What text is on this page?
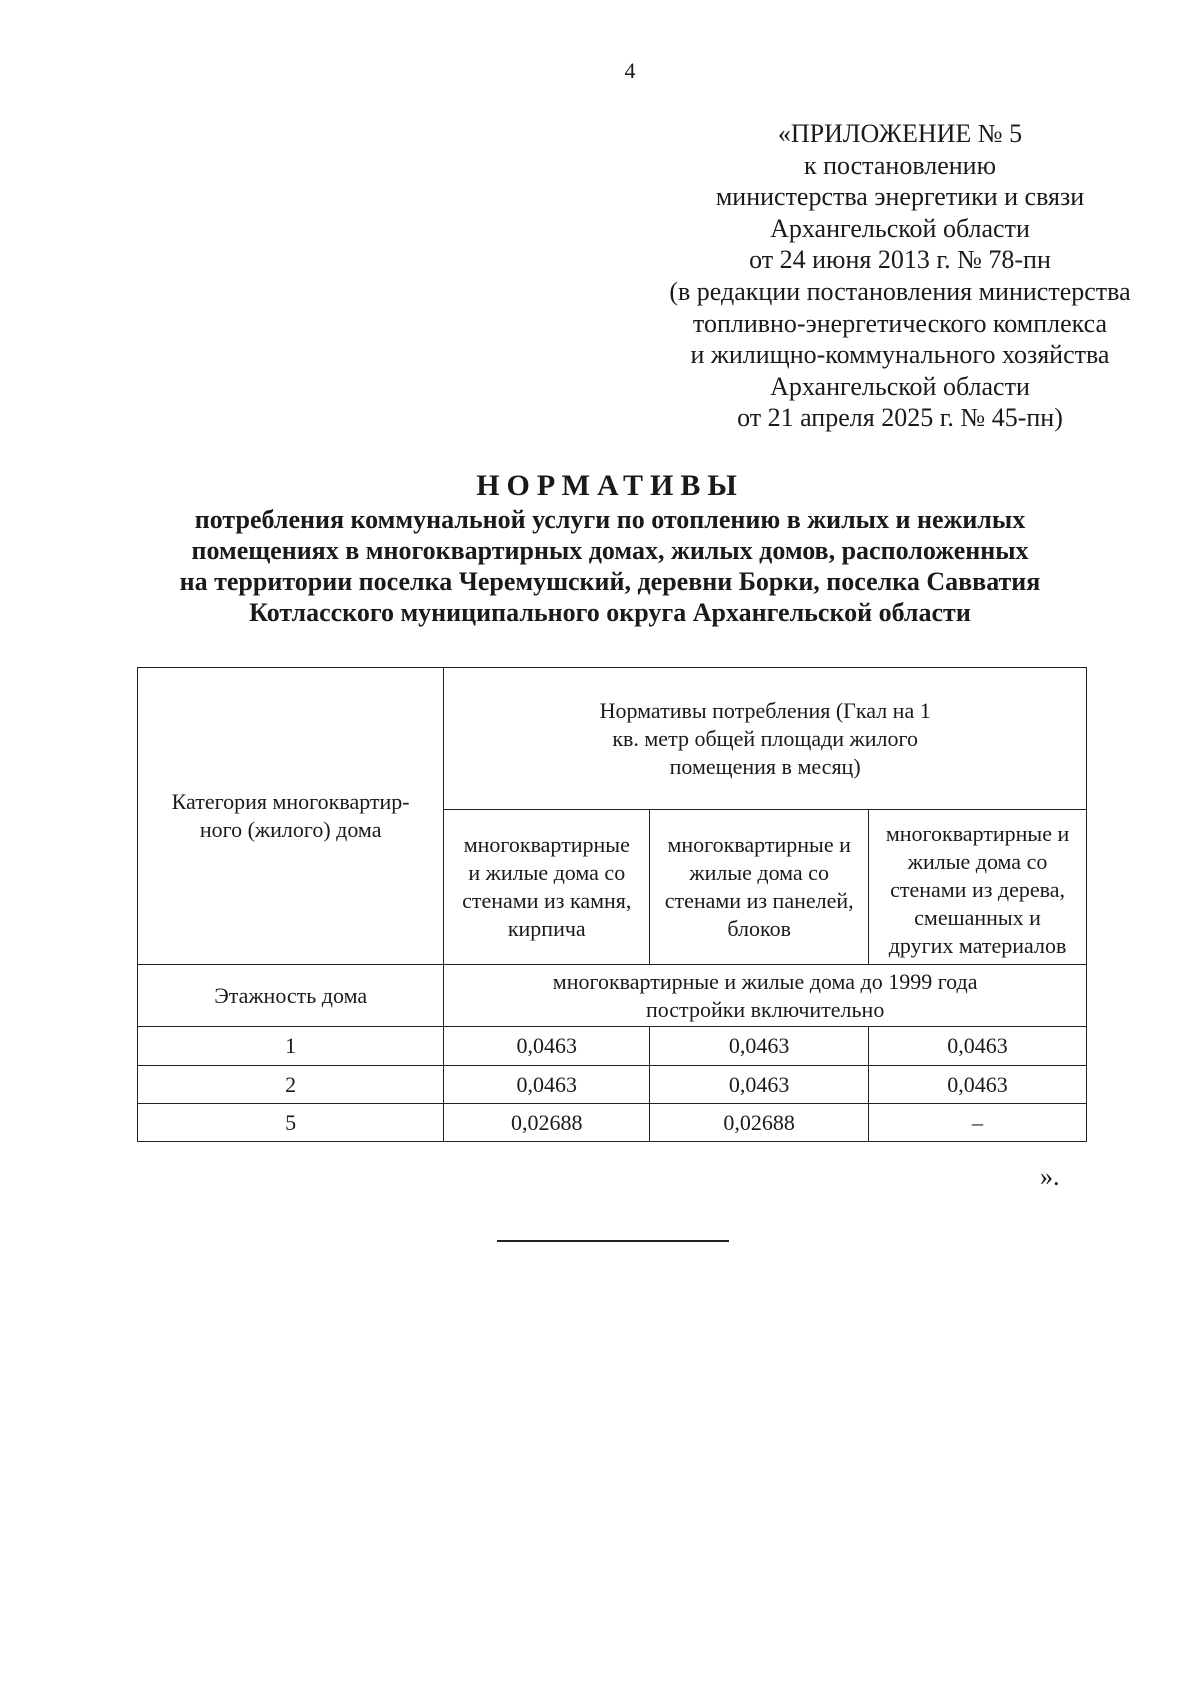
4
«ПРИЛОЖЕНИЕ № 5
к постановлению
министерства энергетики и связи
Архангельской области
от 24 июня 2013 г. № 78-пн
(в редакции постановления министерства
топливно-энергетического комплекса
и жилищно-коммунального хозяйства
Архангельской области
от 21 апреля 2025 г. № 45-пн)
НОРМАТИВЫ
потребления коммунальной услуги по отоплению в жилых и нежилых
помещениях в многоквартирных домах, жилых домов, расположенных
на территории поселка Черемушский, деревни Борки, поселка Савватия
Котласского муниципального округа Архангельской области
Категория многоквартир-ного (жилого) дома	Нормативы потребления (Гкал на 1 кв. метр общей площади жилого помещения в месяц)		
	многоквартирные и жилые дома со стенами из камня, кирпича	многоквартирные и жилые дома со стенами из панелей, блоков	многоквартирные и жилые дома со стенами из дерева, смешанных и других материалов
Этажность дома	многоквартирные и жилые дома до 1999 года постройки включительно		
1	0,0463	0,0463	0,0463
2	0,0463	0,0463	0,0463
5	0,02688	0,02688	–
».
